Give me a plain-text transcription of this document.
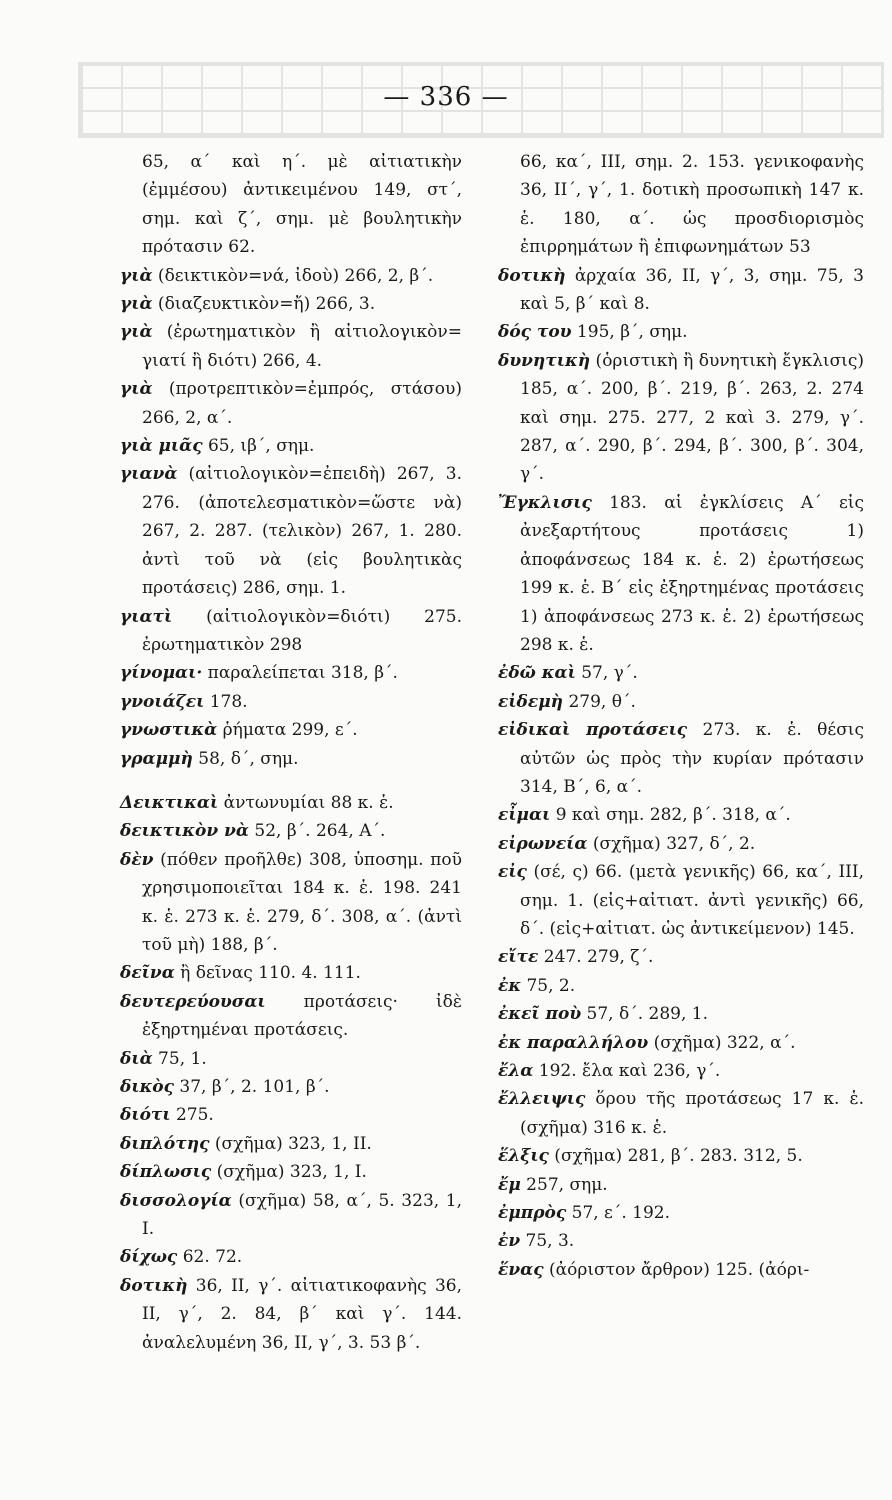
— 336 —

65, α΄ καὶ η΄. μὲ αἰτιατικὴν (ἐμμέσου) ἀντικειμένου 149, στ΄, σημ. καὶ ζ΄, σημ. μὲ βουλητικὴν πρότασιν 62.

γιὰ (δεικτικὸν=νά, ἰδοὺ) 266, 2, β΄.

γιὰ (διαζευκτικὸν=ἤ) 266, 3.

γιὰ (ἐρωτηματικὸν ἢ αἰτιολογικὸν= γιατί ἢ διότι) 266, 4.

γιὰ (προτρεπτικὸν=ἐμπρός, στάσου) 266, 2, α΄.

γιὰ μιᾶς 65, ιβ΄, σημ.

γιανὰ (αἰτιολογικὸν=ἐπειδὴ) 267, 3. 276. (ἀποτελεσματικὸν=ὥστε νὰ) 267, 2. 287. (τελικὸν) 267, 1. 280. ἀντὶ τοῦ νὰ (εἰς βουλητικὰς προτάσεις) 286, σημ. 1.

γιατὶ (αἰτιολογικὸν=διότι) 275. ἐρωτηματικὸν 298

γίνομαι· παραλείπεται 318, β΄.

γνοιάζει 178.

γνωστικὰ ῥήματα 299, ε΄.

γραμμὴ 58, δ΄, σημ.

Δεικτικαὶ ἀντωνυμίαι 88 κ. ἑ.

δεικτικὸν νὰ 52, β΄. 264, Α΄.

δὲν (πόθεν προῆλθε) 308, ὑποσημ. ποῦ χρησιμοποιεῖται 184 κ. ἑ. 198. 241 κ. ἑ. 273 κ. ἑ. 279, δ΄. 308, α΄. (ἀντὶ τοῦ μὴ) 188, β΄.

δεῖνα ἢ δεῖνας 110. 4. 111.

δευτερεύουσαι προτάσεις· ἰδὲ ἐξηρτημέναι προτάσεις.

διὰ 75, 1.

δικὸς 37, β΄, 2. 101, β΄.

διότι 275.

διπλότης (σχῆμα) 323, 1, II.

δίπλωσις (σχῆμα) 323, 1, I.

δισσολογία (σχῆμα) 58, α΄, 5. 323, 1, I.

δίχως 62. 72.

δοτικὴ 36, II, γ΄. αἰτιατικοφανὴς 36, II, γ΄, 2. 84, β΄ καὶ γ΄. 144. ἀναλελυμένη 36, II, γ΄, 3. 53 β΄.

66, κα΄, III, σημ. 2. 153. γενικοφανὴς 36, II΄, γ΄, 1. δοτικὴ προσωπικὴ 147 κ. ἑ. 180, α΄. ὡς προσδιορισμὸς ἐπιρρημάτων ἢ ἐπιφωνημάτων 53

δοτικὴ ἀρχαία 36, II, γ΄, 3, σημ. 75, 3 καὶ 5, β΄ καὶ 8.

δός του 195, β΄, σημ.

δυνητικὴ (ὁριστικὴ ἢ δυνητικὴ ἔγκλισις) 185, α΄. 200, β΄. 219, β΄. 263, 2. 274 καὶ σημ. 275. 277, 2 καὶ 3. 279, γ΄. 287, α΄. 290, β΄. 294, β΄. 300, β΄. 304, γ΄.

Ἔγκλισις 183. αἱ ἐγκλίσεις Α΄ εἰς ἀνεξαρτήτους προτάσεις 1) ἀποφάνσεως 184 κ. ἑ. 2) ἐρωτήσεως 199 κ. ἑ. Β΄ εἰς ἐξηρτημένας προτάσεις 1) ἀποφάνσεως 273 κ. ἑ. 2) ἐρωτήσεως 298 κ. ἑ.

ἐδῶ καὶ 57, γ΄.

εἰδεμὴ 279, θ΄.

εἰδικαὶ προτάσεις 273. κ. ἑ. θέσις αὐτῶν ὡς πρὸς τὴν κυρίαν πρότασιν 314, Β΄, 6, α΄.

εἶμαι 9 καὶ σημ. 282, β΄. 318, α΄.

εἰρωνεία (σχῆμα) 327, δ΄, 2.

εἰς (σέ, ς) 66. (μετὰ γενικῆς) 66, κα΄, III, σημ. 1. (εἰς+αἰτιατ. ἀντὶ γενικῆς) 66, δ΄. (εἰς+αἰτιατ. ὡς ἀντικείμενον) 145.

εἴτε 247. 279, ζ΄.

ἐκ 75, 2.

ἐκεῖ ποὺ 57, δ΄. 289, 1.

ἐκ παραλλήλου (σχῆμα) 322, α΄.

ἔλα 192. ἔλα καὶ 236, γ΄.

ἔλλειψις ὅρου τῆς προτάσεως 17 κ. ἑ. (σχῆμα) 316 κ. ἑ.

ἕλξις (σχῆμα) 281, β΄. 283. 312, 5.

ἔμ 257, σημ.

ἐμπρὸς 57, ε΄. 192.

ἐν 75, 3.

ἕνας (ἀόριστον ἄρθρον) 125. (ἀόρι-
